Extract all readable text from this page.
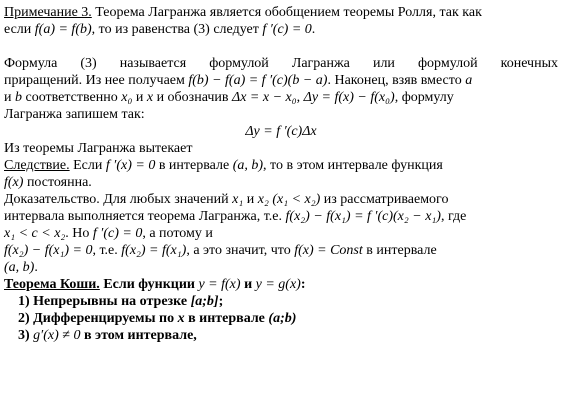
Примечание 3. Теорема Лагранжа является обобщением теоремы Ролля, так как
если f(a) = f(b), то из равенства (3) следует f ′(c) = 0.

Формула (3) называется формулой Лагранжа или формулой конечных
приращений. Из нее получаем f(b) − f(a) = f ′(c)(b − a). Наконец, взяв вместо a
и b соответственно x₀ и x и обозначив Δx = x − x₀, Δy = f(x) − f(x₀), формулу
Лагранжа запишем так:

Δy = f ′(c)Δx

Из теоремы Лагранжа вытекает

Следствие. Если f ′(x) = 0 в интервале (a, b), то в этом интервале функция
f(x) постоянна.

Доказательство. Для любых значений x₁ и x₂ (x₁ < x₂) из рассматриваемого
интервала выполняется теорема Лагранжа, т.е. f(x₂) − f(x₁) = f ′(c)(x₂ − x₁), где
x₁ < c < x₂. Но f ′(c) = 0, а потому и
f(x₂) − f(x₁) = 0, т.е. f(x₂) = f(x₁), а это значит, что f(x) = Const в интервале
(a, b).

Теорема Коши. Если функции y = f(x) и y = g(x):

1) Непрерывны на отрезке [a;b];
2) Дифференцируемы по x в интервале (a;b)
3) g′(x) ≠ 0 в этом интервале,
